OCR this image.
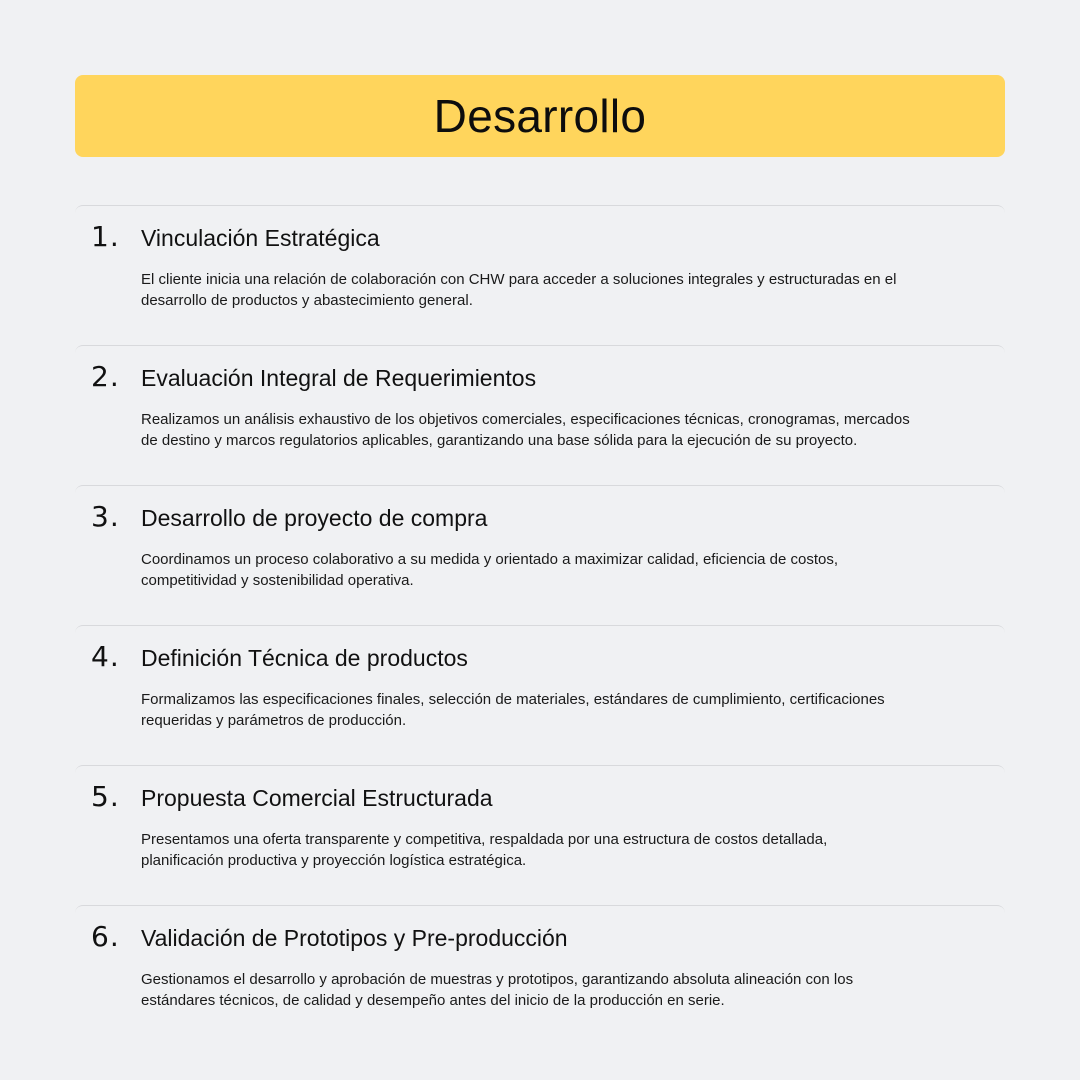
Desarrollo
1. Vinculación Estratégica

El cliente inicia una relación de colaboración con CHW para acceder a soluciones integrales y estructuradas en el
desarrollo de productos y abastecimiento general.

2. Evaluación Integral de Requerimientos

Realizamos un análisis exhaustivo de los objetivos comerciales, especificaciones técnicas, cronogramas, mercados
de destino y marcos regulatorios aplicables, garantizando una base sólida para la ejecución de su proyecto.

3. Desarrollo de proyecto de compra

Coordinamos un proceso colaborativo a su medida y orientado a maximizar calidad, eficiencia de costos,
competitividad y sostenibilidad operativa.

4. Definición Técnica de productos

Formalizamos las especificaciones finales, selección de materiales, estándares de cumplimiento, certificaciones
requeridas y parámetros de producción.

5. Propuesta Comercial Estructurada

Presentamos una oferta transparente y competitiva, respaldada por una estructura de costos detallada,
planificación productiva y proyección logística estratégica.

6. Validación de Prototipos y Pre-producción

Gestionamos el desarrollo y aprobación de muestras y prototipos, garantizando absoluta alineación con los
estándares técnicos, de calidad y desempeño antes del inicio de la producción en serie.
